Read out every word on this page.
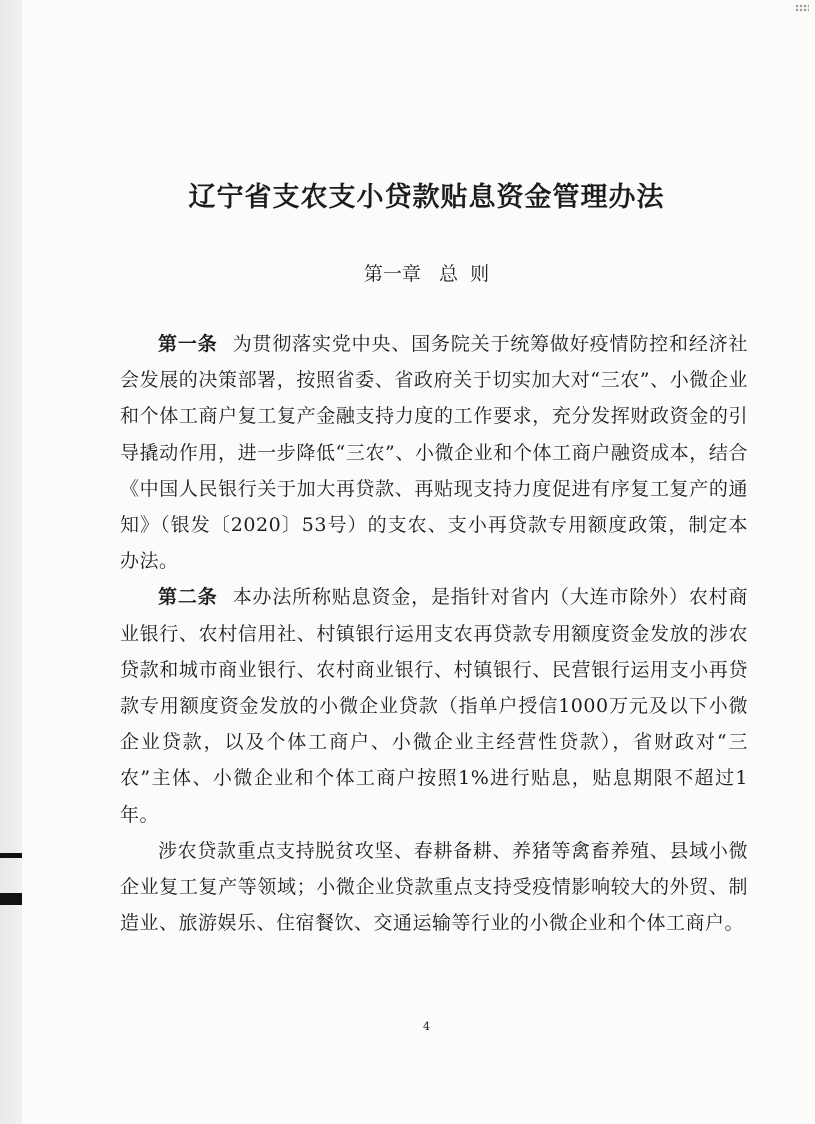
辽宁省支农支小贷款贴息资金管理办法
第一章   总  则

第一条 为贯彻落实党中央、国务院关于统筹做好疫情防控和经济社会发展的决策部署，按照省委、省政府关于切实加大对“三农”、小微企业和个体工商户复工复产金融支持力度的工作要求，充分发挥财政资金的引导撬动作用，进一步降低“三农”、小微企业和个体工商户融资成本，结合《中国人民银行关于加大再贷款、再贴现支持力度促进有序复工复产的通知》（银发〔2020〕53号）的支农、支小再贷款专用额度政策，制定本办法。

第二条 本办法所称贴息资金，是指针对省内（大连市除外）农村商业银行、农村信用社、村镇银行运用支农再贷款专用额度资金发放的涉农贷款和城市商业银行、农村商业银行、村镇银行、民营银行运用支小再贷款专用额度资金发放的小微企业贷款（指单户授信1000万元及以下小微企业贷款，以及个体工商户、小微企业主经营性贷款），省财政对“三农”主体、小微企业和个体工商户按照1%进行贴息，贴息期限不超过1年。

涉农贷款重点支持脱贫攻坚、春耕备耕、养猪等禽畜养殖、县域小微企业复工复产等领域；小微企业贷款重点支持受疫情影响较大的外贸、制造业、旅游娱乐、住宿餐饮、交通运输等行业的小微企业和个体工商户。

4
